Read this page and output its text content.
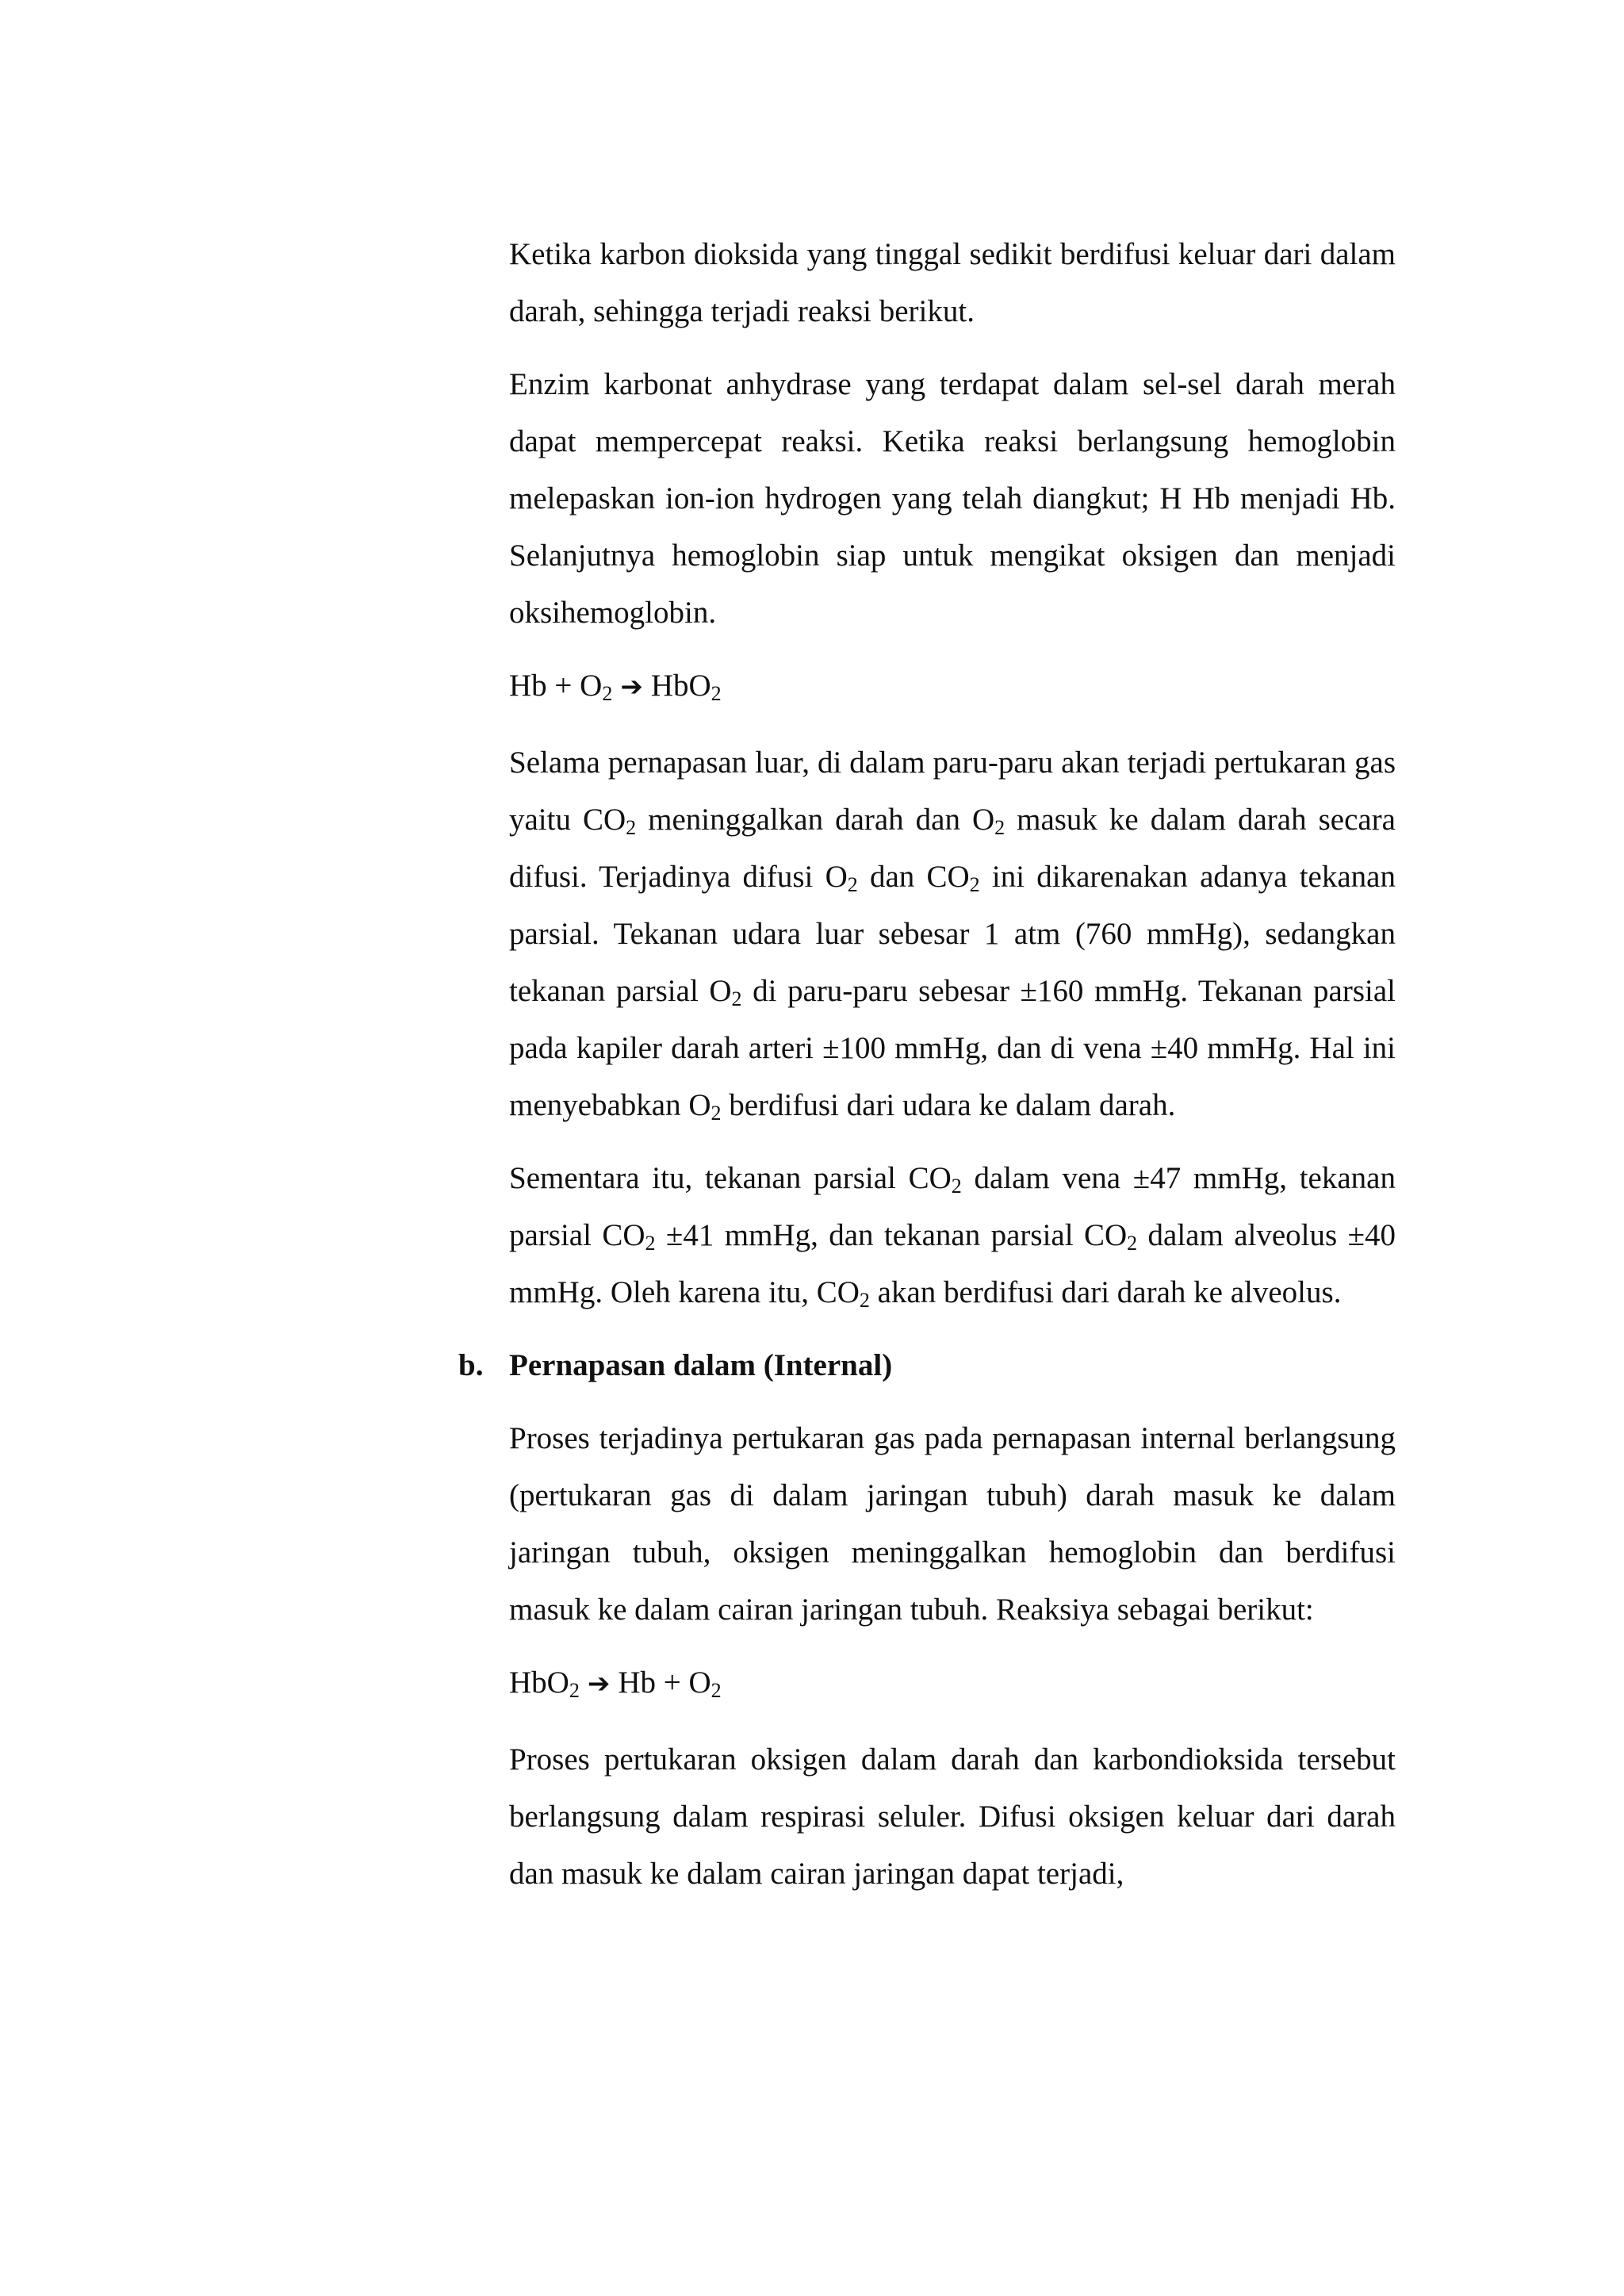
Ketika karbon dioksida yang tinggal sedikit berdifusi keluar dari dalam darah, sehingga terjadi reaksi berikut.

Enzim karbonat anhydrase yang terdapat dalam sel-sel darah merah dapat mempercepat reaksi. Ketika reaksi berlangsung hemoglobin melepaskan ion-ion hydrogen yang telah diangkut; H Hb menjadi Hb. Selanjutnya hemoglobin siap untuk mengikat oksigen dan menjadi oksihemoglobin.

$Hb + O_2$ ➔ HbO$_2$

Selama pernapasan luar, di dalam paru-paru akan terjadi pertukaran gas yaitu $CO_2$ meninggalkan darah dan $O_2$ masuk ke dalam darah secara difusi. Terjadinya difusi $O_2$ dan $CO_2$ ini dikarenakan adanya tekanan parsial. Tekanan udara luar sebesar 1 atm (760 mmHg), sedangkan tekanan parsial $O_2$ di paru-paru sebesar ±160 mmHg. Tekanan parsial pada kapiler darah arteri ±100 mmHg, dan di vena ±40 mmHg. Hal ini menyebabkan $O_2$ berdifusi dari udara ke dalam darah.

Sementara itu, tekanan parsial $CO_2$ dalam vena ±47 mmHg, tekanan parsial $CO_2 \pm 41$ mmHg, dan tekanan parsial $CO_2$ dalam alveolus ±40 mmHg. Oleh karena itu, $CO_2$ akan berdifusi dari darah ke alveolus.

b. Pernapasan dalam (Internal)

Proses terjadinya pertukaran gas pada pernapasan internal berlangsung (pertukaran gas di dalam jaringan tubuh) darah masuk ke dalam jaringan tubuh, oksigen meninggalkan hemoglobin dan berdifusi masuk ke dalam cairan jaringan tubuh. Reaksiya sebagai berikut:

HbO$_2$ ➔ $Hb + O_2$

Proses pertukaran oksigen dalam darah dan karbondioksida tersebut berlangsung dalam respirasi seluler. Difusi oksigen keluar dari darah dan masuk ke dalam cairan jaringan dapat terjadi,
